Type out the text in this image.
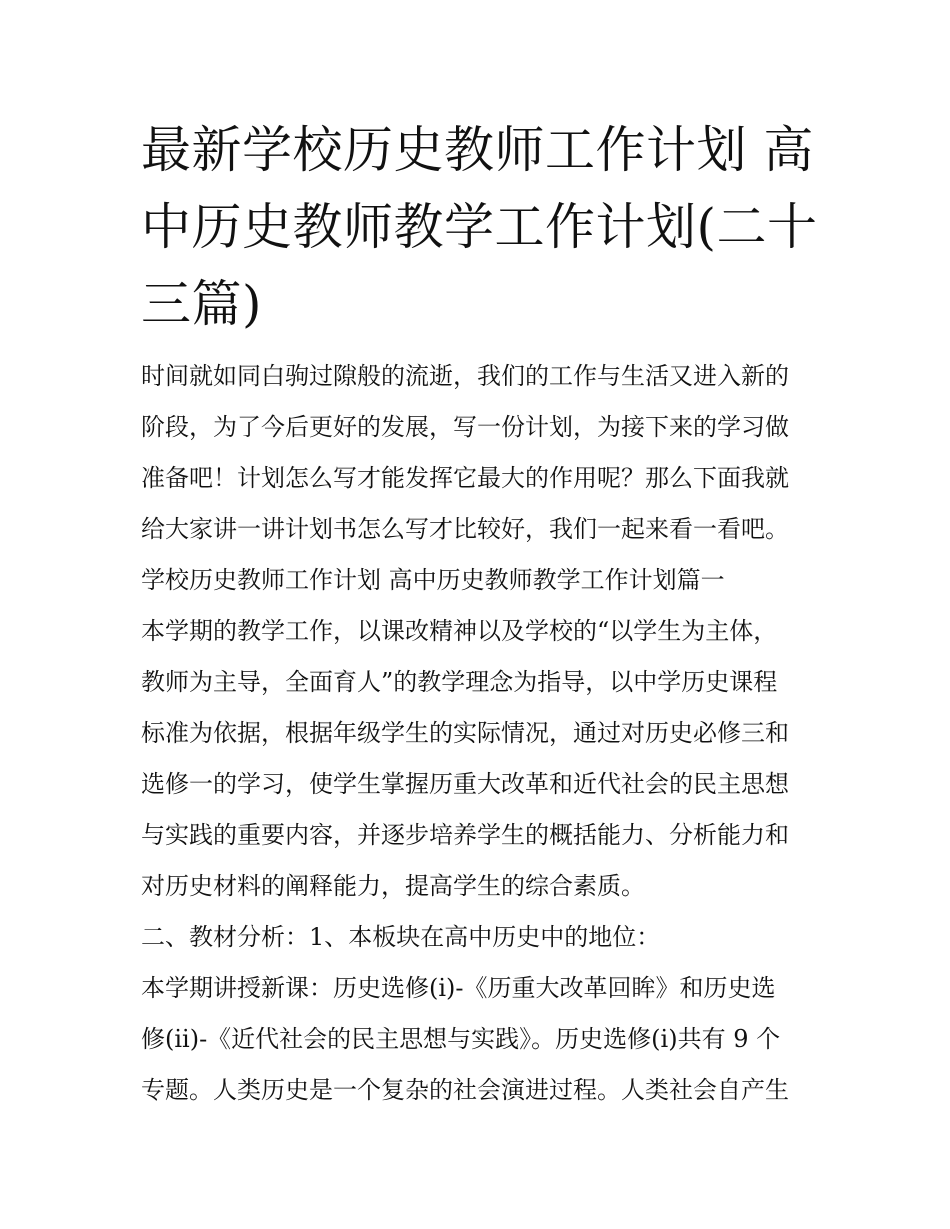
最新学校历史教师工作计划 高
中历史教师教学工作计划(二十
三篇)
时间就如同白驹过隙般的流逝，我们的工作与生活又进入新的
阶段，为了今后更好的发展，写一份计划，为接下来的学习做
准备吧！计划怎么写才能发挥它最大的作用呢？那么下面我就
给大家讲一讲计划书怎么写才比较好，我们一起来看一看吧。
学校历史教师工作计划 高中历史教师教学工作计划篇一
本学期的教学工作，以课改精神以及学校的“以学生为主体，
教师为主导，全面育人”的教学理念为指导，以中学历史课程
标准为依据，根据年级学生的实际情况，通过对历史必修三和
选修一的学习，使学生掌握历重大改革和近代社会的民主思想
与实践的重要内容，并逐步培养学生的概括能力、分析能力和
对历史材料的阐释能力，提高学生的综合素质。
二、教材分析：1、本板块在高中历史中的地位：
本学期讲授新课：历史选修(i)-《历重大改革回眸》和历史选
修(ii)-《近代社会的民主思想与实践》。历史选修(i)共有 9 个
专题。人类历史是一个复杂的社会演进过程。人类社会自产生
